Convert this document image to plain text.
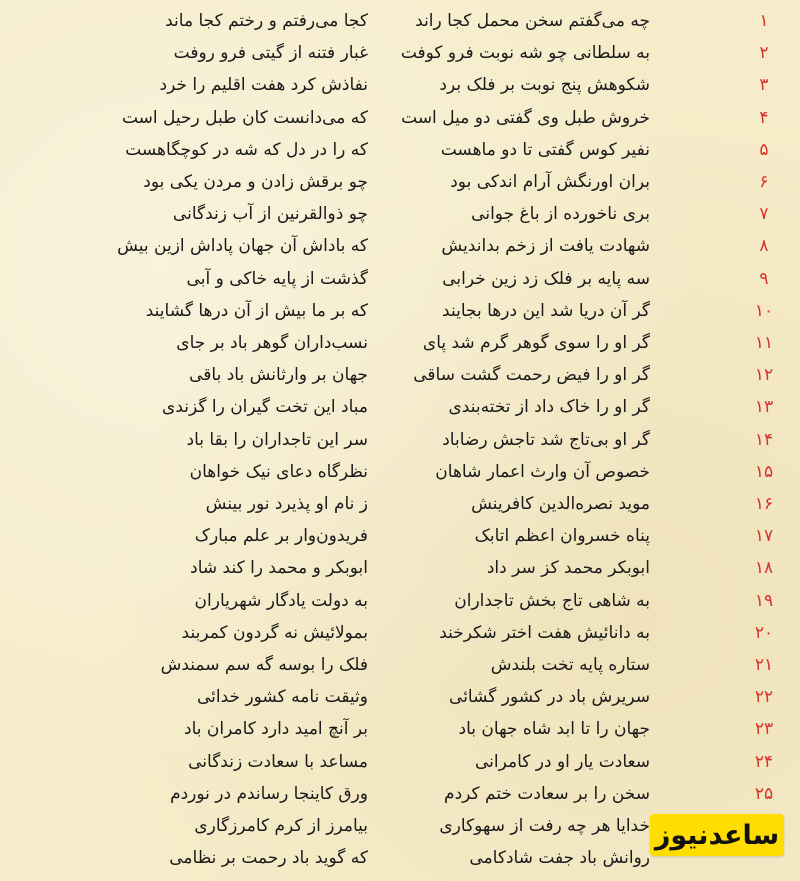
۱
چه می‌گفتم سخن محمل کجا راند
کجا می‌رفتم و رختم کجا ماند
۲
به سلطانی چو شه نوبت فرو کوفت
غبار فتنه از گیتی فرو روفت
۳
شکوهش پنج نوبت بر فلک برد
نفاذش کرد هفت اقلیم را خرد
۴
خروش طبل وی گفتی دو میل است
که می‌دانست کان طبل رحیل است
۵
نفیر کوس گفتی تا دو ماهست
که را در دل که شه در کوچگاهست
۶
بران اورنگش آرام اندکی بود
چو برقش زادن و مردن یکی بود
۷
بری ناخورده از باغ جوانی
چو ذوالقرنین از آب زندگانی
۸
شهادت یافت از زخم بداندیش
که باداش آن جهان پاداش ازین بیش
۹
سه پایه بر فلک زد زین خرابی
گذشت از پایه خاکی و آبی
۱۰
گر آن دریا شد این درها بجایند
که بر ما بیش از آن درها گشایند
۱۱
گر او را سوی گوهر گرم شد پای
نسب‌داران گوهر باد بر جای
۱۲
گر او را فیض رحمت گشت ساقی
جهان بر وارثانش باد باقی
۱۳
گر او را خاک داد از تخته‌بندی
مباد این تخت گیران را گزندی
۱۴
گر او بی‌تاج شد تاجش رضاباد
سر این تاجداران را بقا باد
۱۵
خصوص آن وارث اعمار شاهان
نظرگاه دعای نیک خواهان
۱۶
موید نصره‌الدین کافرینش
ز نام او پذیرد نور بینش
۱۷
پناه خسروان اعظم اتابک
فریدون‌وار بر علم مبارک
۱۸
ابوبکر محمد کز سر داد
ابوبکر و محمد را کند شاد
۱۹
به شاهی تاج بخش تاجداران
به دولت یادگار شهریاران
۲۰
به دانائیش هفت اختر شکرخند
بمولائیش نه گردون کمربند
۲۱
ستاره پایه تخت بلندش
فلک را بوسه گه سم سمندش
۲۲
سریرش باد در کشور گشائی
وثیقت نامه کشور خدائی
۲۳
جهان را تا ابد شاه جهان باد
بر آنچ امید دارد کامران باد
۲۴
سعادت یار او در کامرانی
مساعد با سعادت زندگانی
۲۵
سخن را بر سعادت ختم کردم
ورق کاینجا رساندم در نوردم
خدایا هر چه رفت از سهوکاری
بیامرز از کرم کامرزگاری
روانش باد جفت شادکامی
که گوید باد رحمت بر نظامی
ساعدنیوز
